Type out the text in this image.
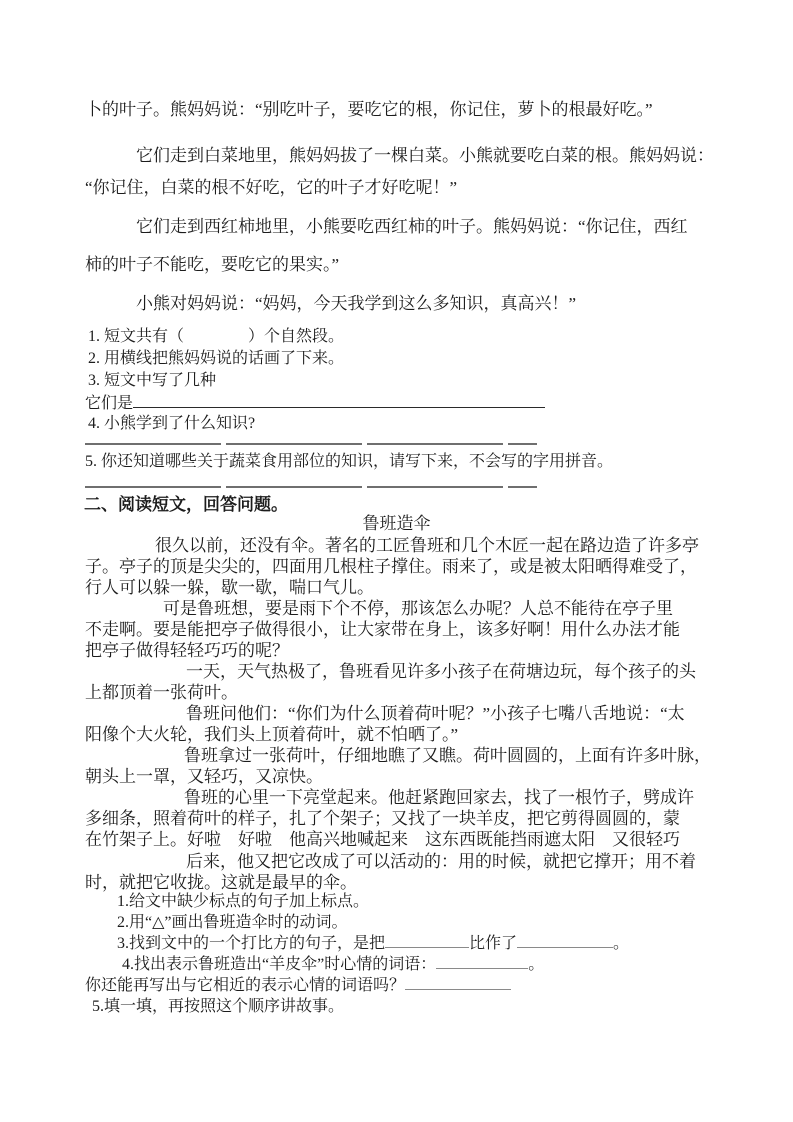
卜的叶子。熊妈妈说：“别吃叶子，要吃它的根，你记住，萝卜的根最好吃。”
它们走到白菜地里，熊妈妈拔了一棵白菜。小熊就要吃白菜的根。熊妈妈说：
“你记住，白菜的根不好吃，它的叶子才好吃呢！”
它们走到西红柿地里，小熊要吃西红柿的叶子。熊妈妈说：“你记住，西红
柿的叶子不能吃，要吃它的果实。”
小熊对妈妈说：“妈妈，今天我学到这么多知识，真高兴！”
1. 短文共有（　　　　）个自然段。
2. 用横线把熊妈妈说的话画了下来。
3. 短文中写了几种
它们是
4. 小熊学到了什么知识?
5. 你还知道哪些关于蔬菜食用部位的知识，请写下来，不会写的字用拼音。
二、阅读短文，回答问题。
鲁班造伞
很久以前，还没有伞。著名的工匠鲁班和几个木匠一起在路边造了许多亭
子。亭子的顶是尖尖的，四面用几根柱子撑住。雨来了，或是被太阳晒得难受了，
行人可以躲一躲，歇一歇，喘口气儿。
可是鲁班想，要是雨下个不停，那该怎么办呢？人总不能待在亭子里
不走啊。要是能把亭子做得很小，让大家带在身上，该多好啊！用什么办法才能
把亭子做得轻轻巧巧的呢？
一天，天气热极了，鲁班看见许多小孩子在荷塘边玩，每个孩子的头
上都顶着一张荷叶。
鲁班问他们：“你们为什么顶着荷叶呢？”小孩子七嘴八舌地说：“太
阳像个大火轮，我们头上顶着荷叶，就不怕晒了。”
鲁班拿过一张荷叶，仔细地瞧了又瞧。荷叶圆圆的，上面有许多叶脉，
朝头上一罩，又轻巧，又凉快。
鲁班的心里一下亮堂起来。他赶紧跑回家去，找了一根竹子，劈成许
多细条，照着荷叶的样子，扎了个架子；又找了一块羊皮，把它剪得圆圆的，蒙
在竹架子上。好啦　好啦　他高兴地喊起来　这东西既能挡雨遮太阳　又很轻巧
后来，他又把它改成了可以活动的：用的时候，就把它撑开；用不着
时，就把它收拢。这就是最早的伞。
1.给文中缺少标点的句子加上标点。
2.用“△”画出鲁班造伞时的动词。
3.找到文中的一个打比方的句子，是把	比作了	。
4.找出表示鲁班造出“羊皮伞”时心情的词语：	。
你还能再写出与它相近的表示心情的词语吗？
5.填一填，再按照这个顺序讲故事。
